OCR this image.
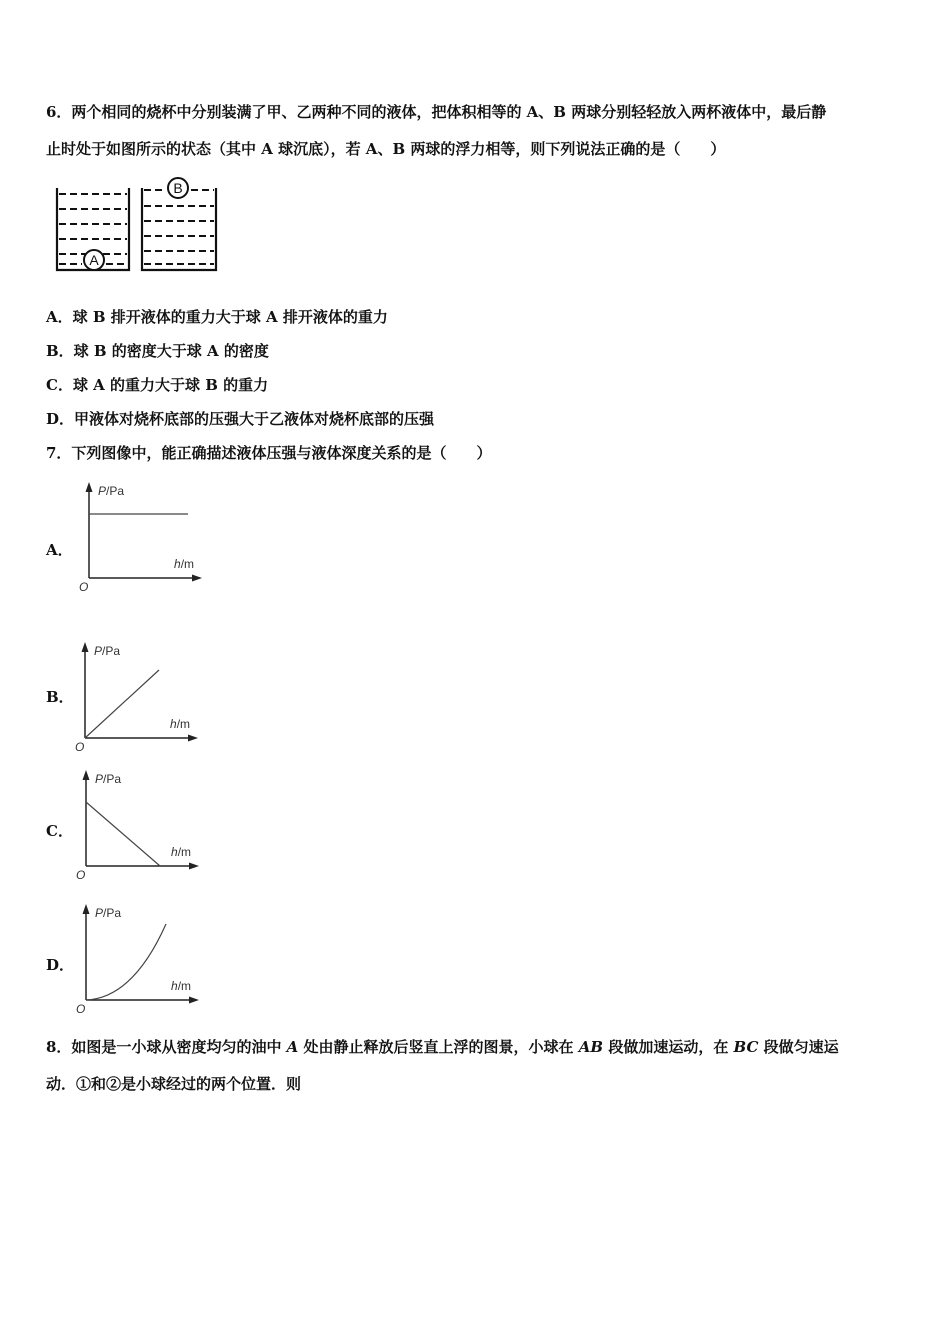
6．两个相同的烧杯中分别装满了甲、乙两种不同的液体，把体积相等的 A、B 两球分别轻轻放入两杯液体中，最后静
止时处于如图所示的状态（其中 A 球沉底），若 A、B 两球的浮力相等，则下列说法正确的是（　　）
A
B
A．球 B 排开液体的重力大于球 A 排开液体的重力
B．球 B 的密度大于球 A 的密度
C．球 A 的重力大于球 B 的重力
D．甲液体对烧杯底部的压强大于乙液体对烧杯底部的压强
7．下列图像中，能正确描述液体压强与液体深度关系的是（　　）
A．
P/Pa
h/m
O
B．
P/Pa
h/m
O
C．
P/Pa
h/m
O
D．
P/Pa
h/m
O
8．如图是一小球从密度均匀的油中 A 处由静止释放后竖直上浮的图景，小球在 AB 段做加速运动，在 BC 段做匀速运
动．①和②是小球经过的两个位置．则
